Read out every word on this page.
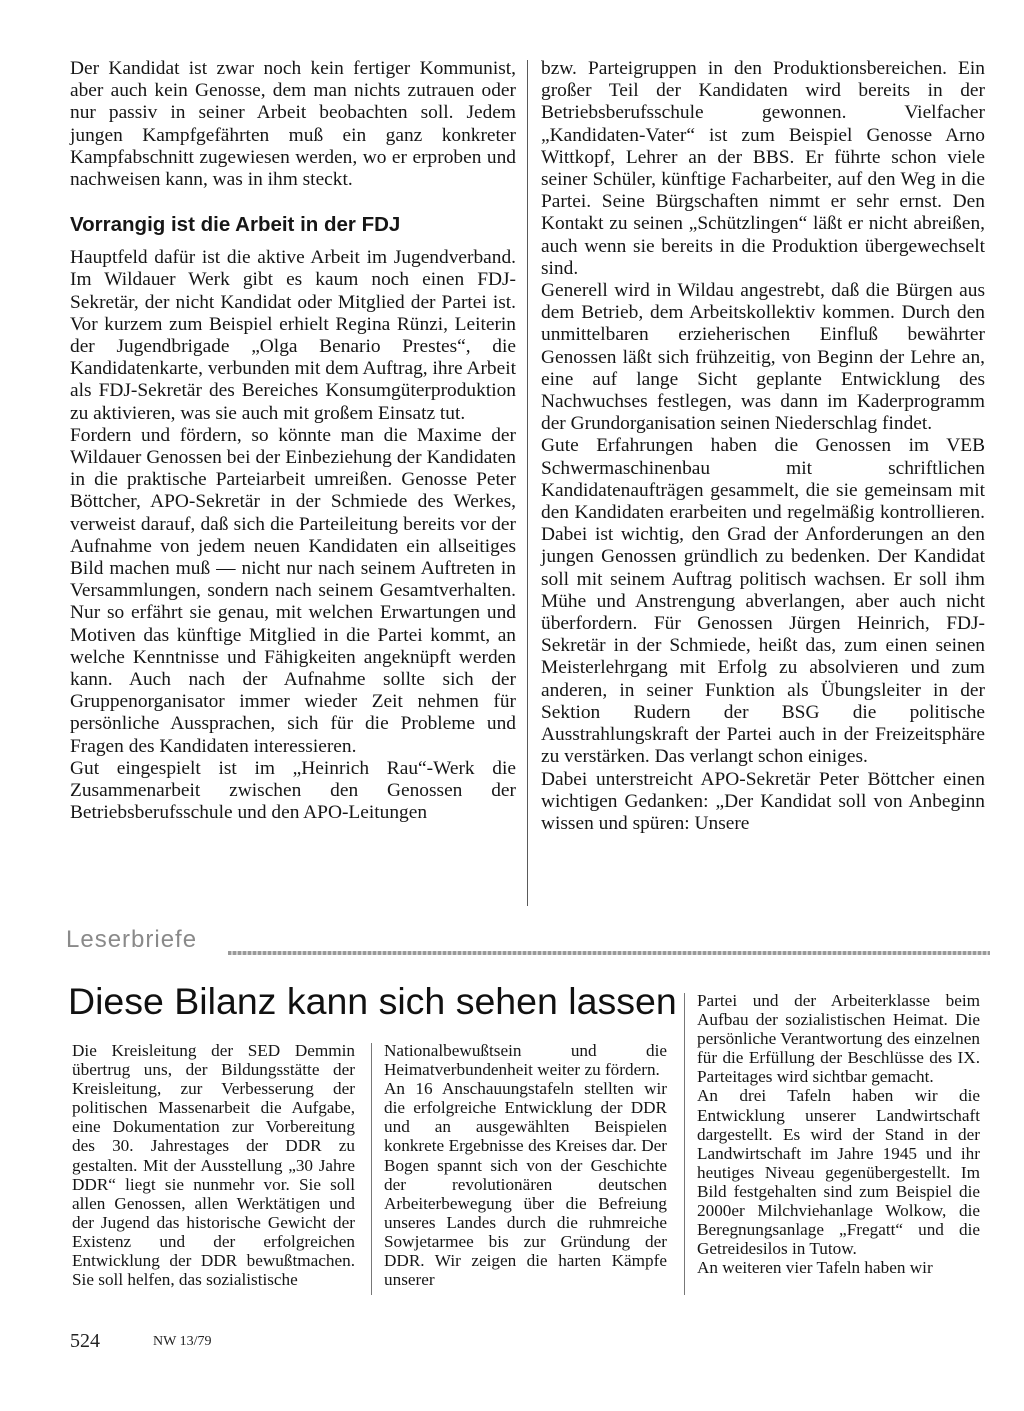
Der Kandidat ist zwar noch kein fertiger Kommunist, aber auch kein Genosse, dem man nichts zutrauen oder nur passiv in seiner Arbeit beobachten soll. Jedem jungen Kampfgefährten muß ein ganz konkreter Kampfabschnitt zugewiesen werden, wo er erproben und nachweisen kann, was in ihm steckt.

Vorrangig ist die Arbeit in der FDJ

Hauptfeld dafür ist die aktive Arbeit im Jugendverband. Im Wildauer Werk gibt es kaum noch einen FDJ-Sekretär, der nicht Kandidat oder Mitglied der Partei ist. Vor kurzem zum Beispiel erhielt Regina Rünzi, Leiterin der Jugendbrigade „Olga Benario Prestes“, die Kandidatenkarte, verbunden mit dem Auftrag, ihre Arbeit als FDJ-Sekretär des Bereiches Konsumgüterproduktion zu aktivieren, was sie auch mit großem Einsatz tut.

Fordern und fördern, so könnte man die Maxime der Wildauer Genossen bei der Einbeziehung der Kandidaten in die praktische Parteiarbeit umreißen. Genosse Peter Böttcher, APO-Sekretär in der Schmiede des Werkes, verweist darauf, daß sich die Parteileitung bereits vor der Aufnahme von jedem neuen Kandidaten ein allseitiges Bild machen muß — nicht nur nach seinem Auftreten in Versammlungen, sondern nach seinem Gesamtverhalten. Nur so erfährt sie genau, mit welchen Erwartungen und Motiven das künftige Mitglied in die Partei kommt, an welche Kenntnisse und Fähigkeiten angeknüpft werden kann. Auch nach der Aufnahme sollte sich der Gruppenorganisator immer wieder Zeit nehmen für persönliche Aussprachen, sich für die Probleme und Fragen des Kandidaten interessieren.

Gut eingespielt ist im „Heinrich Rau“-Werk die Zusammenarbeit zwischen den Genossen der Betriebsberufsschule und den APO-Leitungen

bzw. Parteigruppen in den Produktionsbereichen. Ein großer Teil der Kandidaten wird bereits in der Betriebsberufsschule gewonnen. Vielfacher „Kandidaten-Vater“ ist zum Beispiel Genosse Arno Wittkopf, Lehrer an der BBS. Er führte schon viele seiner Schüler, künftige Facharbeiter, auf den Weg in die Partei. Seine Bürgschaften nimmt er sehr ernst. Den Kontakt zu seinen „Schützlingen“ läßt er nicht abreißen, auch wenn sie bereits in die Produktion übergewechselt sind.

Generell wird in Wildau angestrebt, daß die Bürgen aus dem Betrieb, dem Arbeitskollektiv kommen. Durch den unmittelbaren erzieherischen Einfluß bewährter Genossen läßt sich frühzeitig, von Beginn der Lehre an, eine auf lange Sicht geplante Entwicklung des Nachwuchses festlegen, was dann im Kaderprogramm der Grundorganisation seinen Niederschlag findet.

Gute Erfahrungen haben die Genossen im VEB Schwermaschinenbau mit schriftlichen Kandidatenaufträgen gesammelt, die sie gemeinsam mit den Kandidaten erarbeiten und regelmäßig kontrollieren. Dabei ist wichtig, den Grad der Anforderungen an den jungen Genossen gründlich zu bedenken. Der Kandidat soll mit seinem Auftrag politisch wachsen. Er soll ihm Mühe und Anstrengung abverlangen, aber auch nicht überfordern. Für Genossen Jürgen Heinrich, FDJ-Sekretär in der Schmiede, heißt das, zum einen seinen Meisterlehrgang mit Erfolg zu absolvieren und zum anderen, in seiner Funktion als Übungsleiter in der Sektion Rudern der BSG die politische Ausstrahlungskraft der Partei auch in der Freizeitsphäre zu verstärken. Das verlangt schon einiges.

Dabei unterstreicht APO-Sekretär Peter Böttcher einen wichtigen Gedanken: „Der Kandidat soll von Anbeginn wissen und spüren: Unsere

Leserbriefe
Diese Bilanz kann sich sehen lassen

Die Kreisleitung der SED Demmin übertrug uns, der Bildungsstätte der Kreisleitung, zur Verbesserung der politischen Massenarbeit die Aufgabe, eine Dokumentation zur Vorbereitung des 30. Jahrestages der DDR zu gestalten. Mit der Ausstellung „30 Jahre DDR“ liegt sie nunmehr vor. Sie soll allen Genossen, allen Werktätigen und der Jugend das historische Gewicht der Existenz und der erfolgreichen Entwicklung der DDR bewußtmachen. Sie soll helfen, das sozialistische

Nationalbewußtsein und die Heimatverbundenheit weiter zu fördern.

An 16 Anschauungstafeln stellten wir die erfolgreiche Entwicklung der DDR und an ausgewählten Beispielen konkrete Ergebnisse des Kreises dar. Der Bogen spannt sich von der Geschichte der revolutionären deutschen Arbeiterbewegung über die Befreiung unseres Landes durch die ruhmreiche Sowjetarmee bis zur Gründung der DDR. Wir zeigen die harten Kämpfe unserer

Partei und der Arbeiterklasse beim Aufbau der sozialistischen Heimat. Die persönliche Verantwortung des einzelnen für die Erfüllung der Beschlüsse des IX. Parteitages wird sichtbar gemacht.

An drei Tafeln haben wir die Entwicklung unserer Landwirtschaft dargestellt. Es wird der Stand in der Landwirtschaft im Jahre 1945 und ihr heutiges Niveau gegenübergestellt. Im Bild festgehalten sind zum Beispiel die 2000er Milchviehanlage Wolkow, die Beregnungsanlage „Fregatt“ und die Getreidesilos in Tutow.

An weiteren vier Tafeln haben wir

524	NW 13/79
